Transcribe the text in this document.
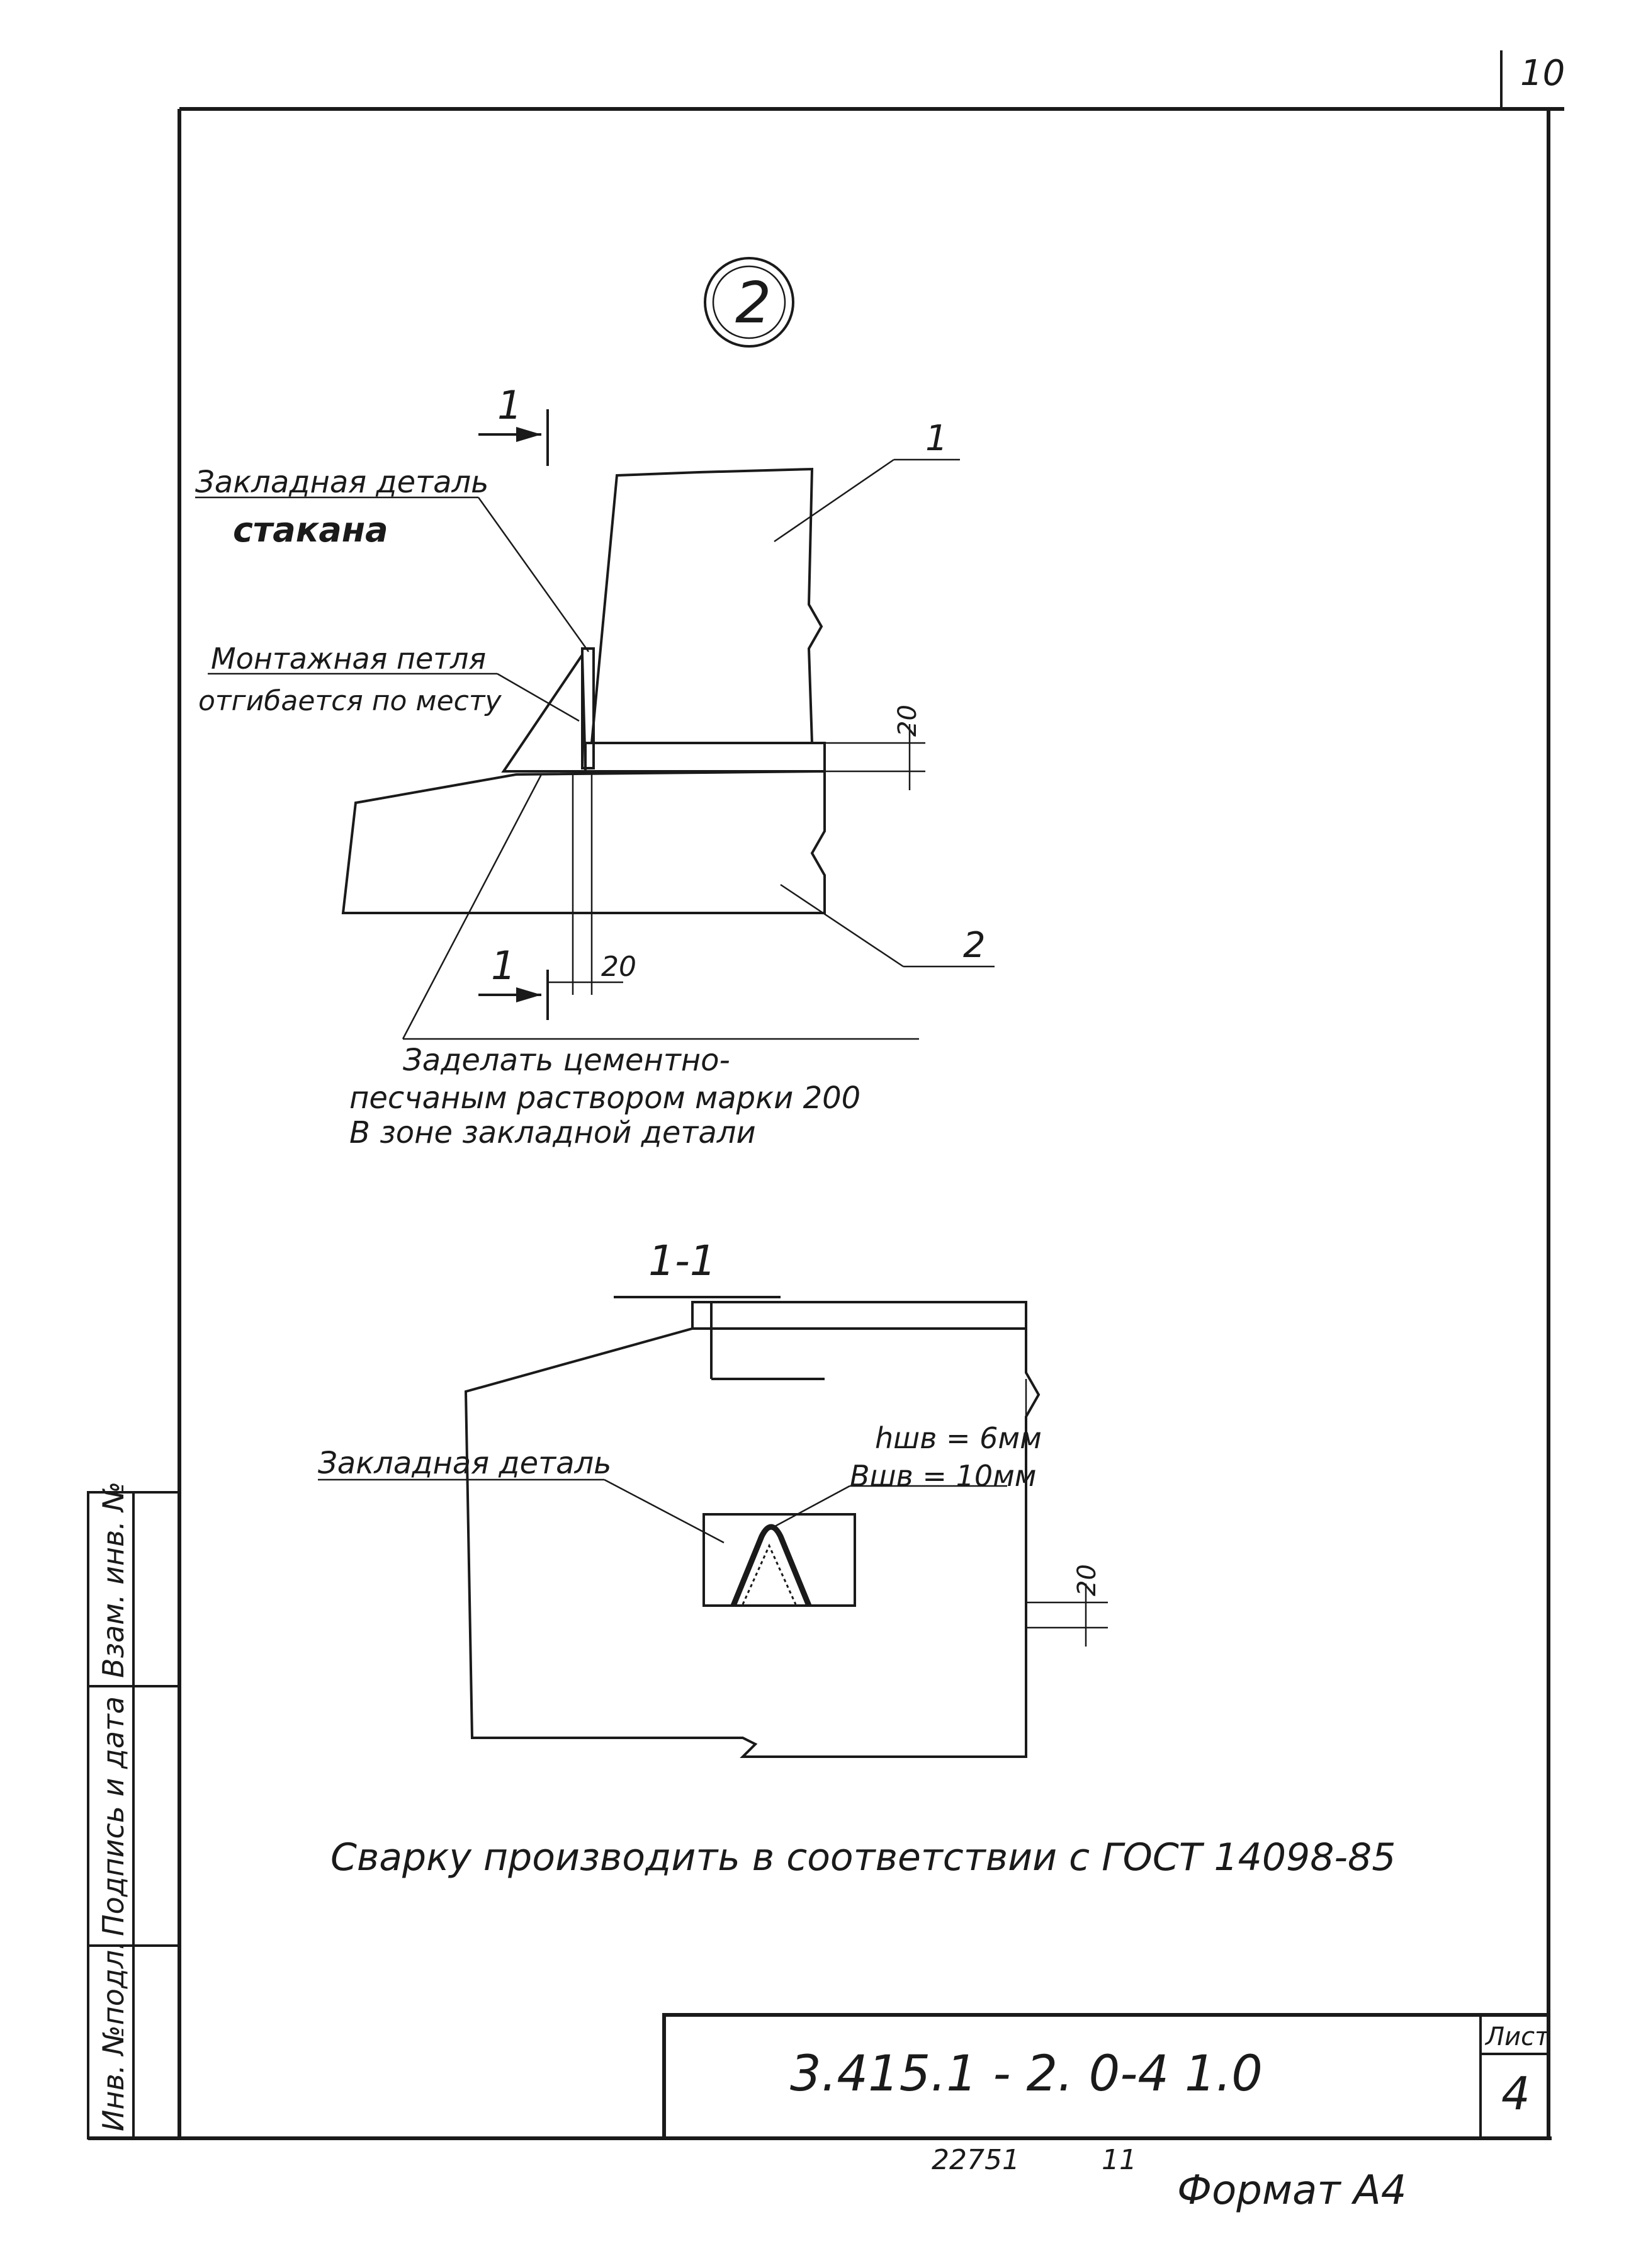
10
Взам. инв. №
Подпись и дата
Инв. №подл.	Лист
4
3.415.1 - 2. 0-4 1.0
22751	11
Формат А4
2
1
1
Закладная деталь
стакана
Монтажная петля
отгибается по месту
1
2
20
20
Заделать цементно-
песчаным раствором марки 200
В зоне закладной детали
1-1
Закладная деталь
hшв = 6мм
Вшв = 10мм
20
Сварку производить в соответствии с ГОСТ 14098-85
